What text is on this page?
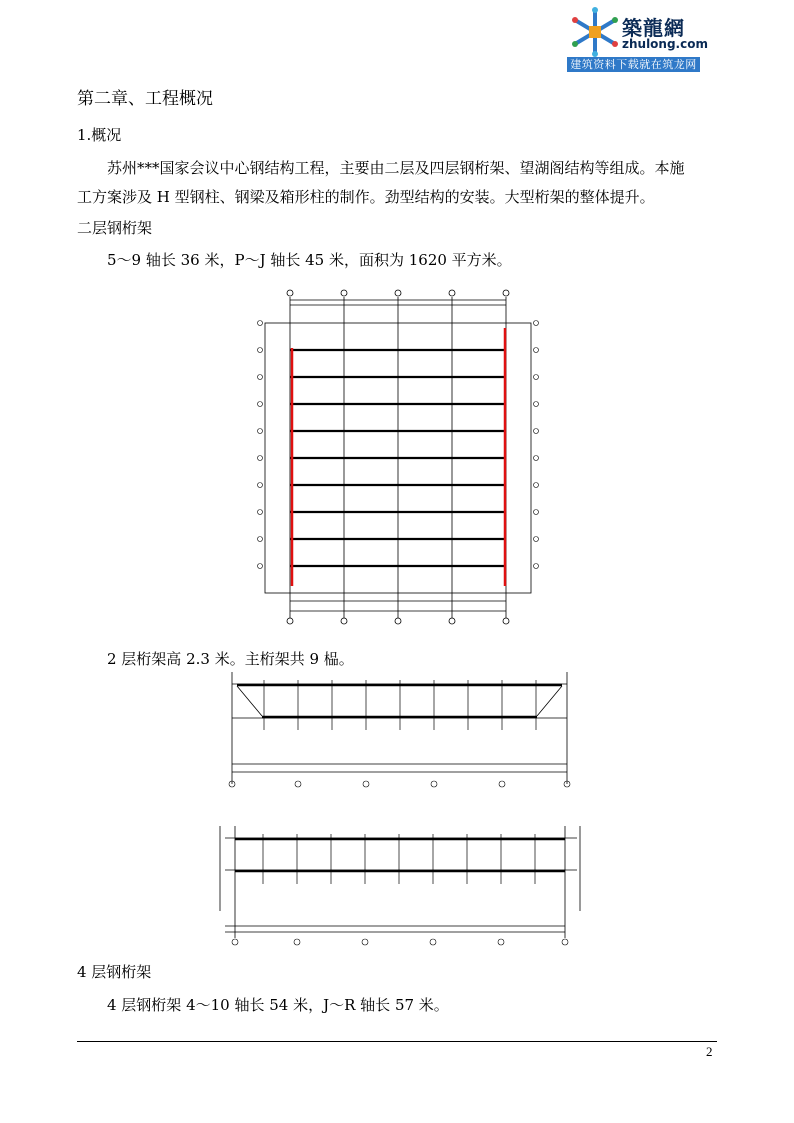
築龍網
zhulong.com
建筑资料下载就在筑龙网
第二章、工程概况
1.概况
苏州***国家会议中心钢结构工程，主要由二层及四层钢桁架、望湖阁结构等组成。本施
工方案涉及 H 型钢柱、钢梁及箱形柱的制作。劲型结构的安装。大型桁架的整体提升。
二层钢桁架
5～9 轴长 36 米，P～J 轴长 45 米，面积为 1620 平方米。
2 层桁架高 2.3 米。主桁架共 9 榀。
4 层钢桁架
4 层钢桁架 4～10 轴长 54 米，J～R 轴长 57 米。
2
